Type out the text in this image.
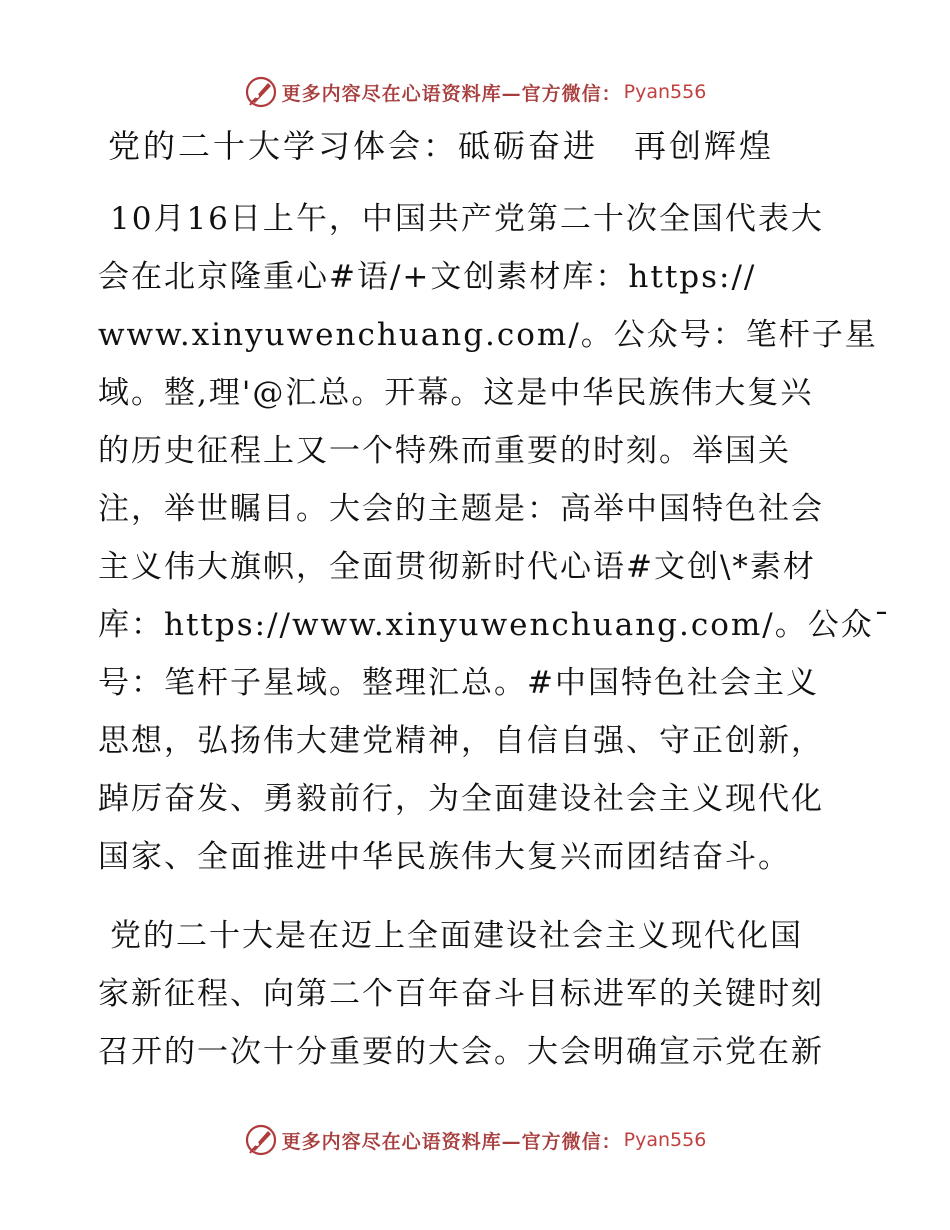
更多内容尽在心语资料库—官方微信： Pyan556
党的二十大学习体会：砥砺奋进 再创辉煌
10月16日上午，中国共产党第二十次全国代表大
会在北京隆重心#语/+文创素材库：https://
www.xinyuwenchuang.com/。公众号：笔杆子星
域。整,理'@汇总。开幕。这是中华民族伟大复兴
的历史征程上又一个特殊而重要的时刻。举国关
注，举世瞩目。大会的主题是：高举中国特色社会
主义伟大旗帜，全面贯彻新时代心语#文创\*素材
库：https://www.xinyuwenchuang.com/。公众¯
号：笔杆子星域。整理汇总。#中国特色社会主义
思想，弘扬伟大建党精神，自信自强、守正创新，
踔厉奋发、勇毅前行，为全面建设社会主义现代化
国家、全面推进中华民族伟大复兴而团结奋斗。
党的二十大是在迈上全面建设社会主义现代化国
家新征程、向第二个百年奋斗目标进军的关键时刻
召开的一次十分重要的大会。大会明确宣示党在新
更多内容尽在心语资料库—官方微信： Pyan556
